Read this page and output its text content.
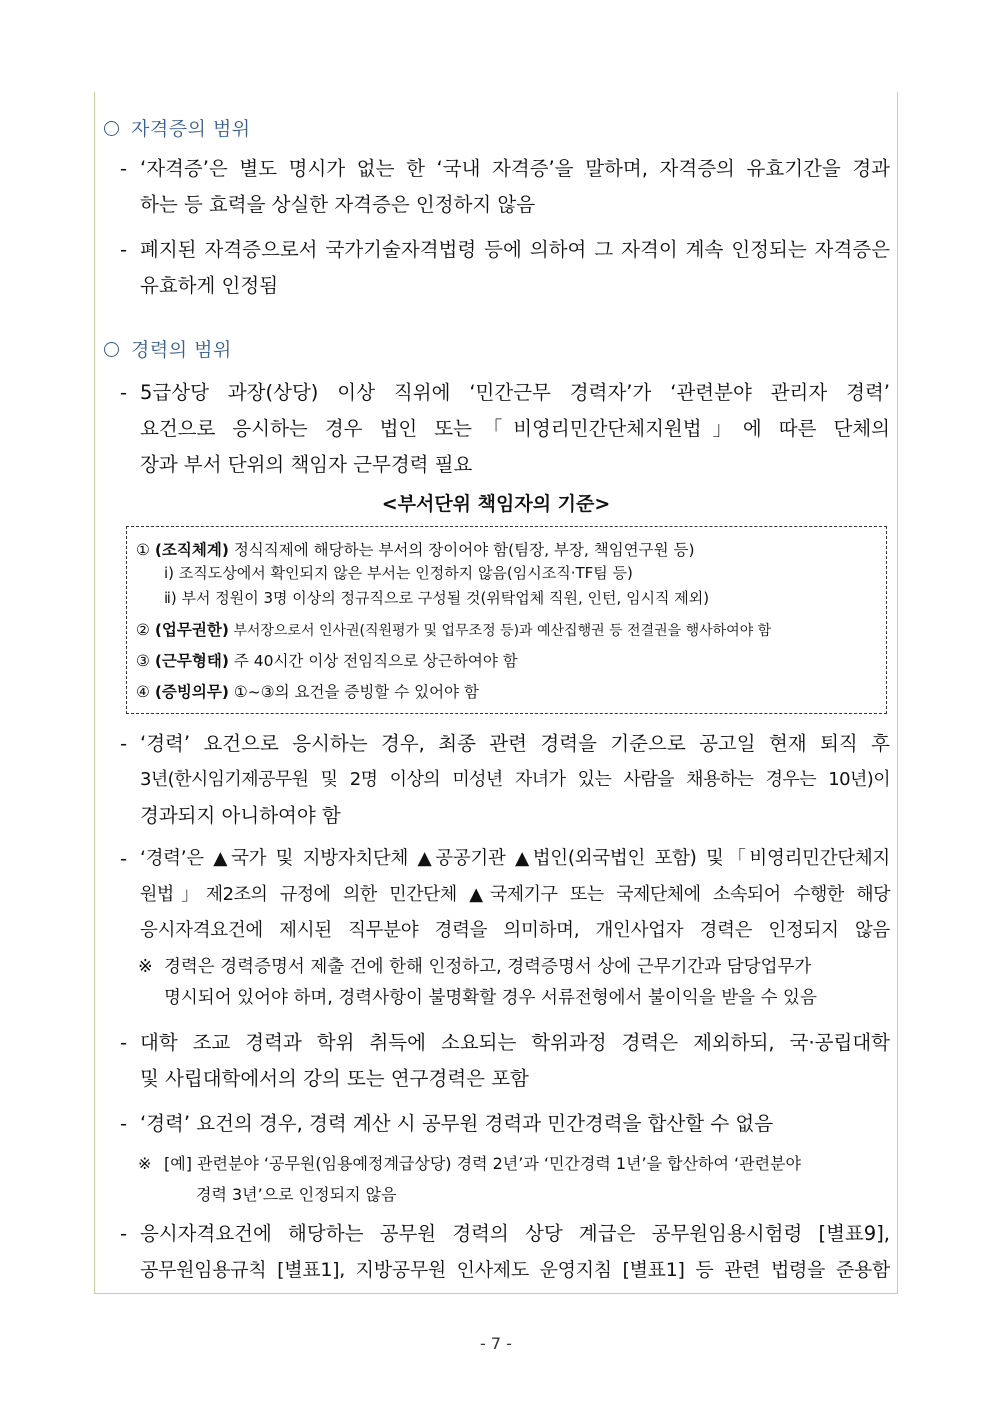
자격증의 범위
- ‘자격증’은 별도 명시가 없는 한 ‘국내 자격증’을 말하며, 자격증의 유효기간을 경과
하는 등 효력을 상실한 자격증은 인정하지 않음
- 폐지된 자격증으로서 국가기술자격법령 등에 의하여 그 자격이 계속 인정되는 자격증은
유효하게 인정됨
경력의 범위
- 5급상당 과장(상당) 이상 직위에 ‘민간근무 경력자’가 ‘관련분야 관리자 경력’
요건으로 응시하는 경우 법인 또는「비영리민간단체지원법」에 따른 단체의
장과 부서 단위의 책임자 근무경력 필요
<부서단위 책임자의 기준>
① (조직체계) 정식직제에 해당하는 부서의 장이어야 함(팀장, 부장, 책임연구원 등)
ⅰ) 조직도상에서 확인되지 않은 부서는 인정하지 않음(임시조직·TF팀 등)
ⅱ) 부서 정원이 3명 이상의 정규직으로 구성될 것(위탁업체 직원, 인턴, 임시직 제외)
② (업무권한) 부서장으로서 인사권(직원평가 및 업무조정 등)과 예산집행권 등 전결권을 행사하여야 함
③ (근무형태) 주 40시간 이상 전임직으로 상근하여야 함
④ (증빙의무) ①~③의 요건을 증빙할 수 있어야 함
- ‘경력’ 요건으로 응시하는 경우, 최종 관련 경력을 기준으로 공고일 현재 퇴직 후
3년(한시임기제공무원 및 2명 이상의 미성년 자녀가 있는 사람을 채용하는 경우는 10년)이
경과되지 아니하여야 함
- ‘경력’은 ▲국가 및 지방자치단체 ▲공공기관 ▲법인(외국법인 포함) 및「비영리민간단체지
원법」제2조의 규정에 의한 민간단체 ▲국제기구 또는 국제단체에 소속되어 수행한 해당
응시자격요건에 제시된 직무분야 경력을 의미하며, 개인사업자 경력은 인정되지 않음
※ 경력은 경력증명서 제출 건에 한해 인정하고, 경력증명서 상에 근무기간과 담당업무가
명시되어 있어야 하며, 경력사항이 불명확할 경우 서류전형에서 불이익을 받을 수 있음
- 대학 조교 경력과 학위 취득에 소요되는 학위과정 경력은 제외하되, 국·공립대학
및 사립대학에서의 강의 또는 연구경력은 포함
- ‘경력’ 요건의 경우, 경력 계산 시 공무원 경력과 민간경력을 합산할 수 없음
※ [예] 관련분야 ‘공무원(임용예정계급상당) 경력 2년’과 ‘민간경력 1년’을 합산하여 ‘관련분야
경력 3년’으로 인정되지 않음
- 응시자격요건에 해당하는 공무원 경력의 상당 계급은 공무원임용시험령 [별표9],
공무원임용규칙 [별표1], 지방공무원 인사제도 운영지침 [별표1] 등 관련 법령을 준용함
- 7 -
